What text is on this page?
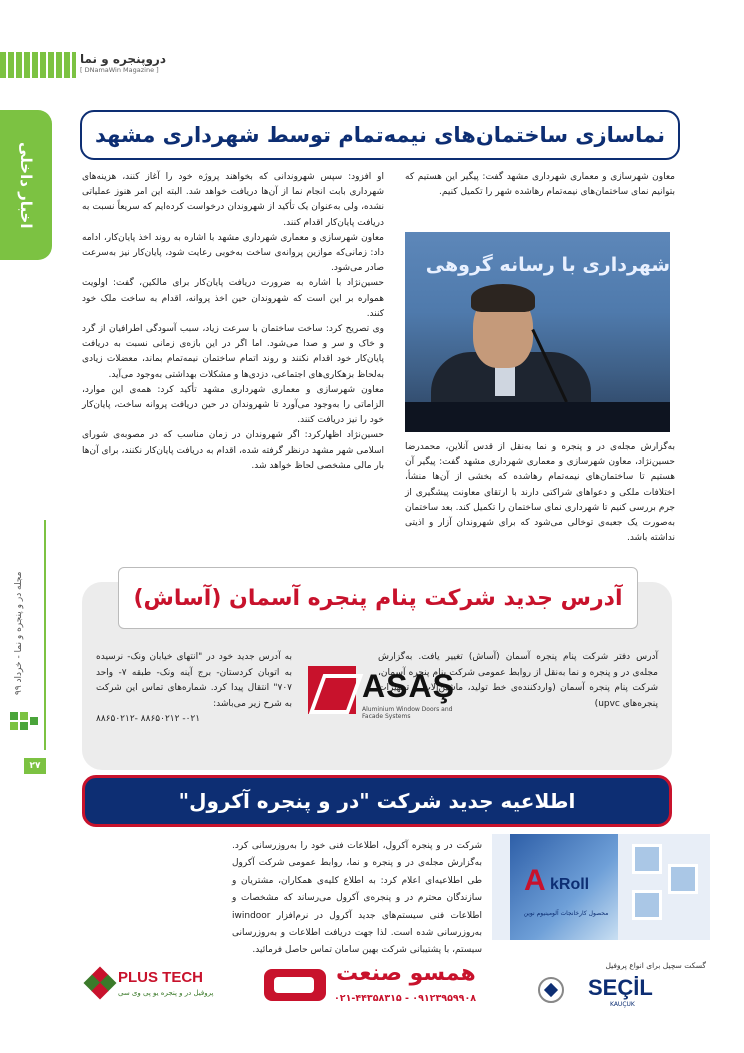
دروپنجره و نما
[ DNamaWin Magazine ]
اخبار داخلی
مجله در و پنجره و نما - خرداد ۹۹
۲۷
نماسازی ساختمان‌های نیمه‌تمام توسط شهرداری مشهد

معاون شهرسازی و معماری شهرداری مشهد گفت: پیگیر این هستیم که بتوانیم نمای ساختمان‌های نیمه‌تمام رهاشده شهر را تکمیل کنیم.

شهرداری با رسانه گروهی

به‌گزارش مجله‌ی در و پنجره و نما به‌نقل از قدس آنلاین، محمدرضا حسین‌نژاد، معاون شهرسازی و معماری شهرداری مشهد گفت: پیگیر آن هستیم تا ساختمان‌های نیمه‌تمام رهاشده که بخشی از آن‌ها منشأ، اختلافات ملکی و دعواهای شراکتی دارند با ارتقای معاونت پیشگیری از جرم بررسی کنیم تا شهرداری نمای ساختمان را تکمیل کند. بعد ساختمان به‌صورت یک جعبه‌ی توخالی می‌شود که برای شهروندان آزار و اذیتی نداشته باشد.

او افزود: سپس شهروندانی که بخواهند پروژه خود را آغاز کنند، هزینه‌های شهرداری بابت انجام نما از آن‌ها دریافت خواهد شد. البته این امر هنوز عملیاتی نشده، ولی به‌عنوان یک تأکید از شهروندان درخواست کرده‌ایم که سریعاً نسبت به دریافت پایان‌کار اقدام کنند.

معاون شهرسازی و معماری شهرداری مشهد با اشاره به روند اخذ پایان‌کار، ادامه داد: زمانی‌که موازین پروانه‌ی ساخت به‌خوبی رعایت شود، پایان‌کار نیز به‌سرعت صادر می‌شود.

حسین‌نژاد با اشاره به ضرورت دریافت پایان‌کار برای مالکین، گفت: اولویت همواره بر این است که شهروندان حین اخذ پروانه، اقدام به ساخت ملک خود کنند.

وی تصریح کرد: ساخت ساختمان با سرعت زیاد، سبب آسودگی اطرافیان از گرد و خاک و سر و صدا می‌شود. اما اگر در این بازه‌ی زمانی نسبت به دریافت پایان‌کار خود اقدام نکنند و روند اتمام ساختمان نیمه‌تمام بماند، معضلات زیادی به‌لحاظ بزهکاری‌های اجتماعی، دزدی‌ها و مشکلات بهداشتی به‌وجود می‌آید.

معاون شهرسازی و معماری شهرداری مشهد تأکید کرد: همه‌ی این موارد، الزاماتی را به‌وجود می‌آورد تا شهروندان در حین دریافت پروانه ساخت، پایان‌کار خود را نیز دریافت کنند.

حسین‌نژاد اظهارکرد: اگر شهروندان در زمان مناسب که در مصوبه‌ی شورای اسلامی شهر مشهد درنظر گرفته شده، اقدام به دریافت پایان‌کار نکنند، برای آن‌ها بار مالی مشخصی لحاظ خواهد شد.

آدرس جدید شرکت پنام پنجره آسمان (آساش)
آدرس دفتر شرکت پنام پنجره آسمان (آساش) تغییر یافت. به‌گزارش مجله‌ی در و پنجره و نما به‌نقل از روابط عمومی شرکت پنام پنجره آسمان، شرکت پنام پنجره آسمان (واردکننده‌ی خط تولید، ماشین‌آلات و تجهیزات پنجره‌های upvc)
ASAŞ
Aluminium Window Doors and Facade Systems

به آدرس جدید خود در "انتهای خیابان ونک- نرسیده به اتوبان کردستان- برج آینه ونک- طبقه ۷- واحد ۷۰۷" انتقال پیدا کرد. شماره‌های تماس این شرکت به شرح زیر می‌باشد:

۰۲۱- ۸۸۶۵۰۲۱۲ -۸۸۶۵۰۲۱۲

اطلاعیه جدید شرکت "در و پنجره آکرول"
A kRoll
محصول کارخانجات آلومینیوم نوین
شرکت در و پنجره آکرول، اطلاعات فنی خود را به‌روزرسانی کرد. به‌گزارش مجله‌ی در و پنجره و نما، روابط عمومی شرکت آکرول طی اطلاعیه‌ای اعلام کرد: به اطلاع کلیه‌ی همکاران، مشتریان و سازندگان محترم در و پنجره‌ی آکرول می‌رساند که مشخصات و اطلاعات فنی سیستم‌های جدید آکرول در نرم‌افزار iwindoor به‌روزرسانی شده است. لذا جهت دریافت اطلاعات و به‌روزرسانی سیستم، با پشتیبانی شرکت بهین سامان تماس حاصل فرمائید.
PLUS TECH
پروفیل در و پنجره یو پی وی سی
همسو صنعت
۰۲۱-۴۴۳۵۸۳۱۵ - ۰۹۱۲۳۹۵۹۹۰۸
گسکت سچیل برای انواع پروفیل
SEÇİL
KAUÇUK
